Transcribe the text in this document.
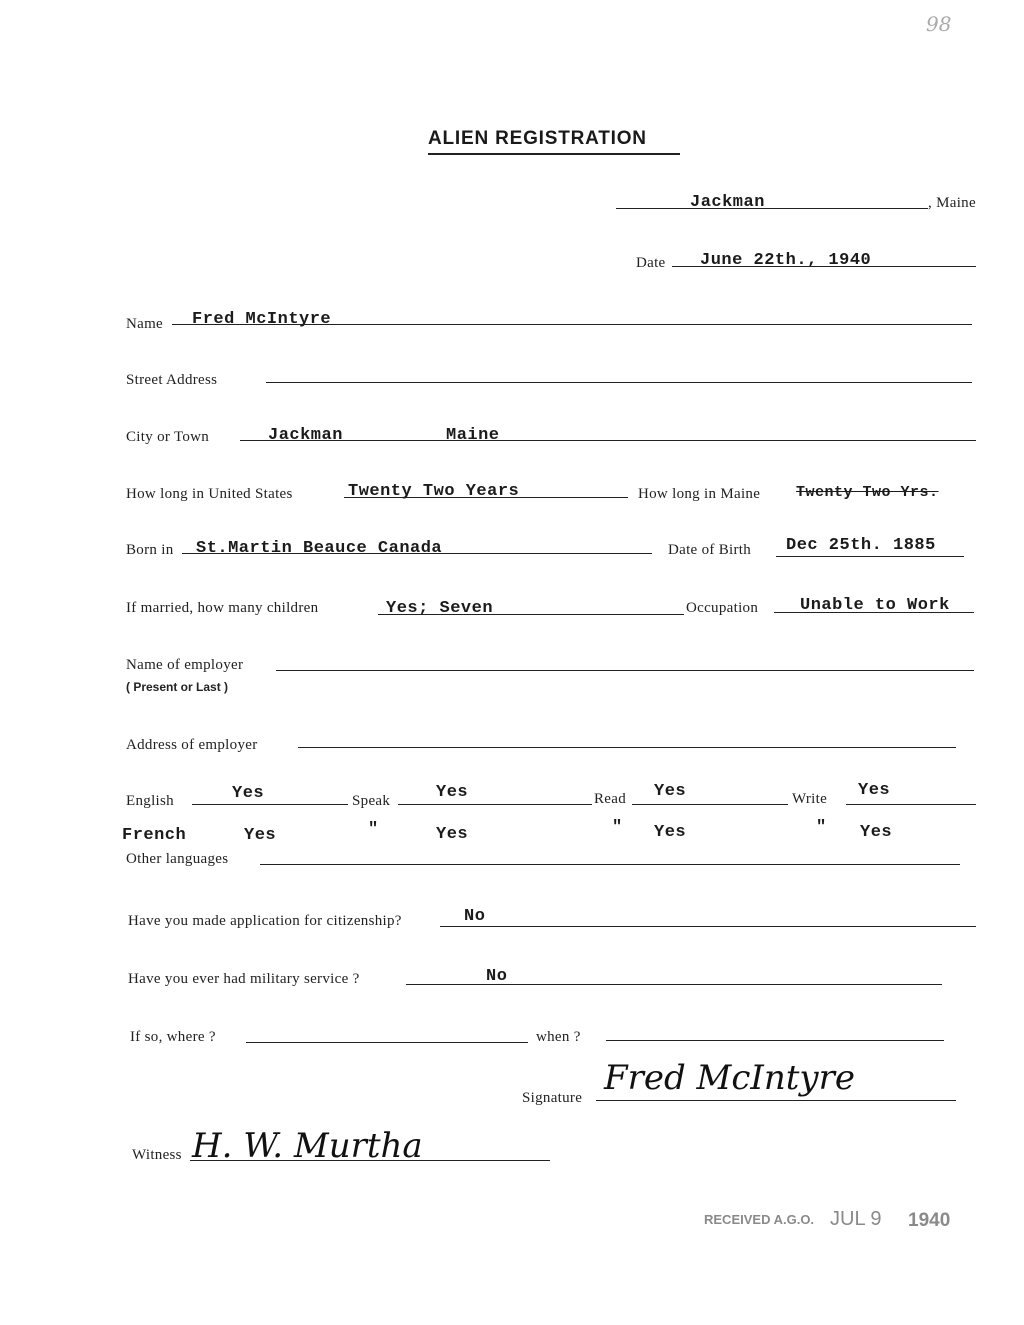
98
ALIEN REGISTRATION
Jackman	, Maine
Date June 22th., 1940
Name Fred McIntyre
Street Address
City or Town	Jackman	Maine
How long in United States	Twenty Two Years	How long in Maine Twenty Two Yrs.
Born in St.Martin Beauce Canada	Date of Birth Dec 25th. 1885
If married, how many children	Yes; Seven	Occupation Unable to Work
Name of employer
( Present or Last )
Address of employer
English	Yes	Speak	Yes	Read Yes	Write Yes
French	Yes	"	Yes	" Yes	" Yes
Other languages
Have you made application for citizenship?	No
Have you ever had military service ?	No
If so, where ?	when ?
Signature Fred McIntyre
Witness H. W. Murtha
RECEIVED A.G.O. JUL 9 1940
